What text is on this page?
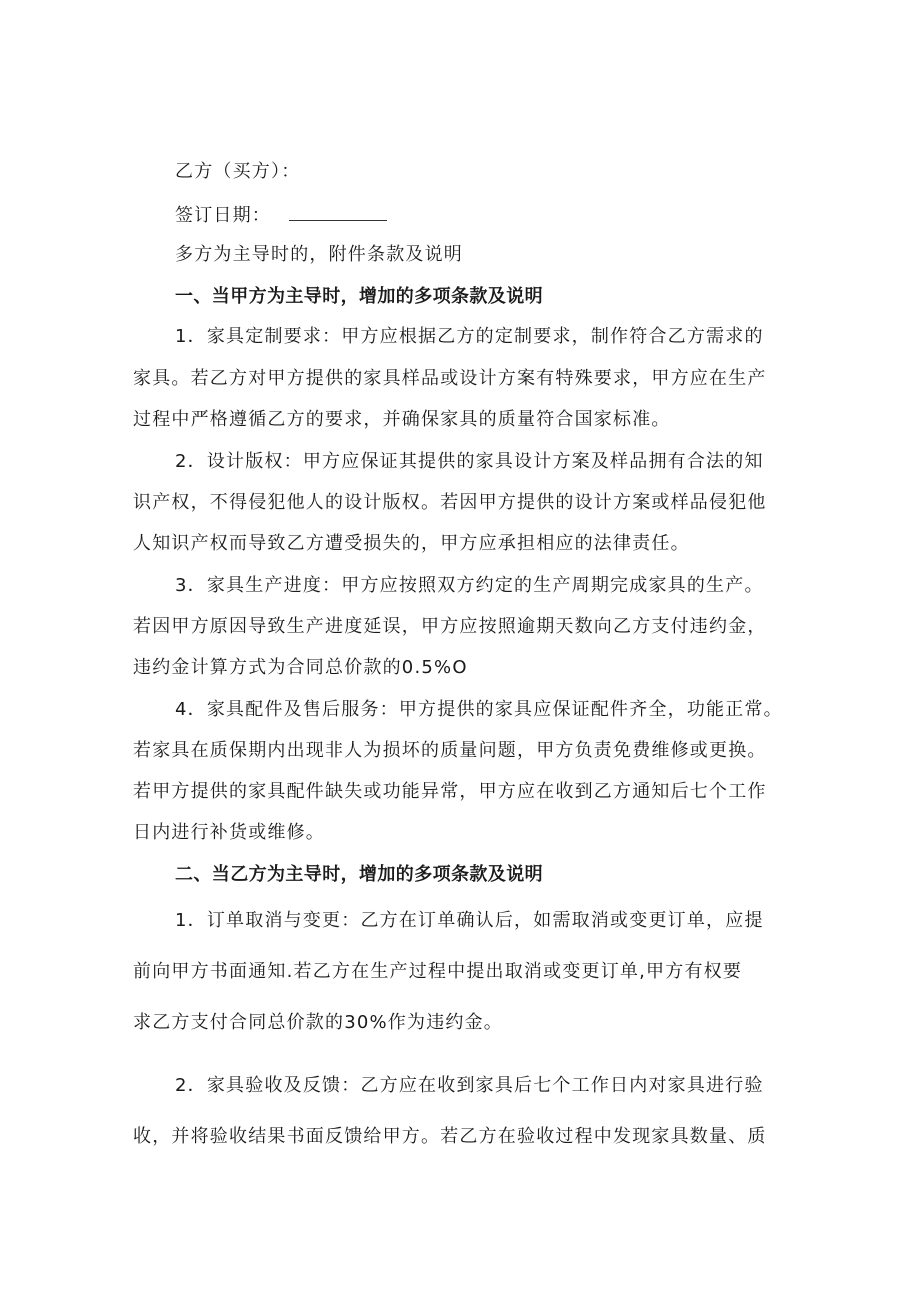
乙方（买方）：
签订日期：
多方为主导时的，附件条款及说明
一、当甲方为主导时，增加的多项条款及说明
1．家具定制要求：甲方应根据乙方的定制要求，制作符合乙方需求的
家具。若乙方对甲方提供的家具样品或设计方案有特殊要求，甲方应在生产
过程中严格遵循乙方的要求，并确保家具的质量符合国家标准。
2．设计版权：甲方应保证其提供的家具设计方案及样品拥有合法的知
识产权，不得侵犯他人的设计版权。若因甲方提供的设计方案或样品侵犯他
人知识产权而导致乙方遭受损失的，甲方应承担相应的法律责任。
3．家具生产进度：甲方应按照双方约定的生产周期完成家具的生产。
若因甲方原因导致生产进度延误，甲方应按照逾期天数向乙方支付违约金，
违约金计算方式为合同总价款的0.5%O
4．家具配件及售后服务：甲方提供的家具应保证配件齐全，功能正常。
若家具在质保期内出现非人为损坏的质量问题，甲方负责免费维修或更换。
若甲方提供的家具配件缺失或功能异常，甲方应在收到乙方通知后七个工作
日内进行补货或维修。
二、当乙方为主导时，增加的多项条款及说明
1．订单取消与变更：乙方在订单确认后，如需取消或变更订单，应提
前向甲方书面通知.若乙方在生产过程中提出取消或变更订单,甲方有权要
求乙方支付合同总价款的30%作为违约金。
2．家具验收及反馈：乙方应在收到家具后七个工作日内对家具进行验
收，并将验收结果书面反馈给甲方。若乙方在验收过程中发现家具数量、质
